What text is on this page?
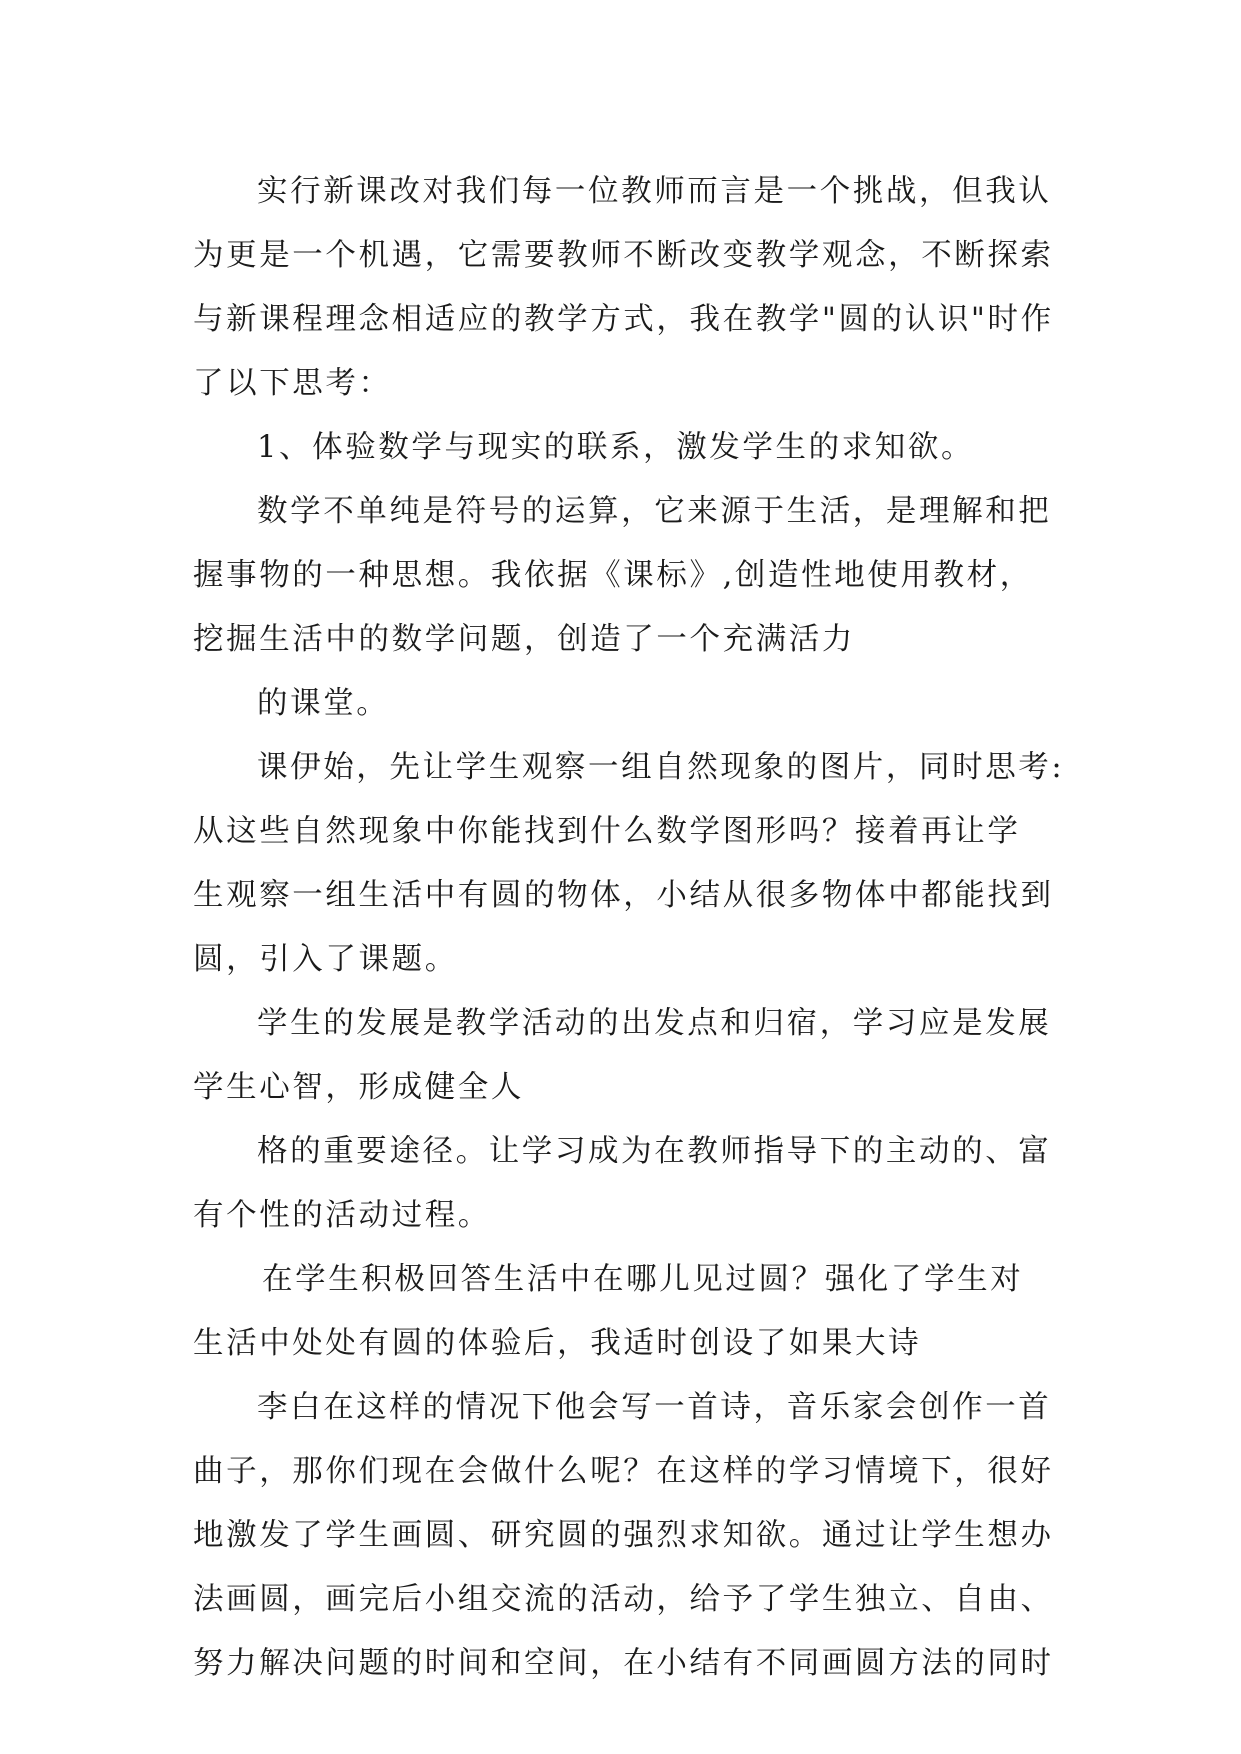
实行新课改对我们每一位教师而言是一个挑战，但我认
为更是一个机遇，它需要教师不断改变教学观念，不断探索
与新课程理念相适应的教学方式，我在教学"圆的认识"时作
了以下思考：
1、体验数学与现实的联系，激发学生的求知欲。
数学不单纯是符号的运算，它来源于生活，是理解和把
握事物的一种思想。我依据《课标》,创造性地使用教材，
挖掘生活中的数学问题，创造了一个充满活力
的课堂。
课伊始，先让学生观察一组自然现象的图片，同时思考:
从这些自然现象中你能找到什么数学图形吗？接着再让学
生观察一组生活中有圆的物体，小结从很多物体中都能找到
圆，引入了课题。
学生的发展是教学活动的出发点和归宿，学习应是发展
学生心智，形成健全人
格的重要途径。让学习成为在教师指导下的主动的、富
有个性的活动过程。
在学生积极回答生活中在哪儿见过圆？强化了学生对
生活中处处有圆的体验后，我适时创设了如果大诗
李白在这样的情况下他会写一首诗，音乐家会创作一首
曲子，那你们现在会做什么呢？在这样的学习情境下，很好
地激发了学生画圆、研究圆的强烈求知欲。通过让学生想办
法画圆，画完后小组交流的活动，给予了学生独立、自由、
努力解决问题的时间和空间，在小结有不同画圆方法的同时
